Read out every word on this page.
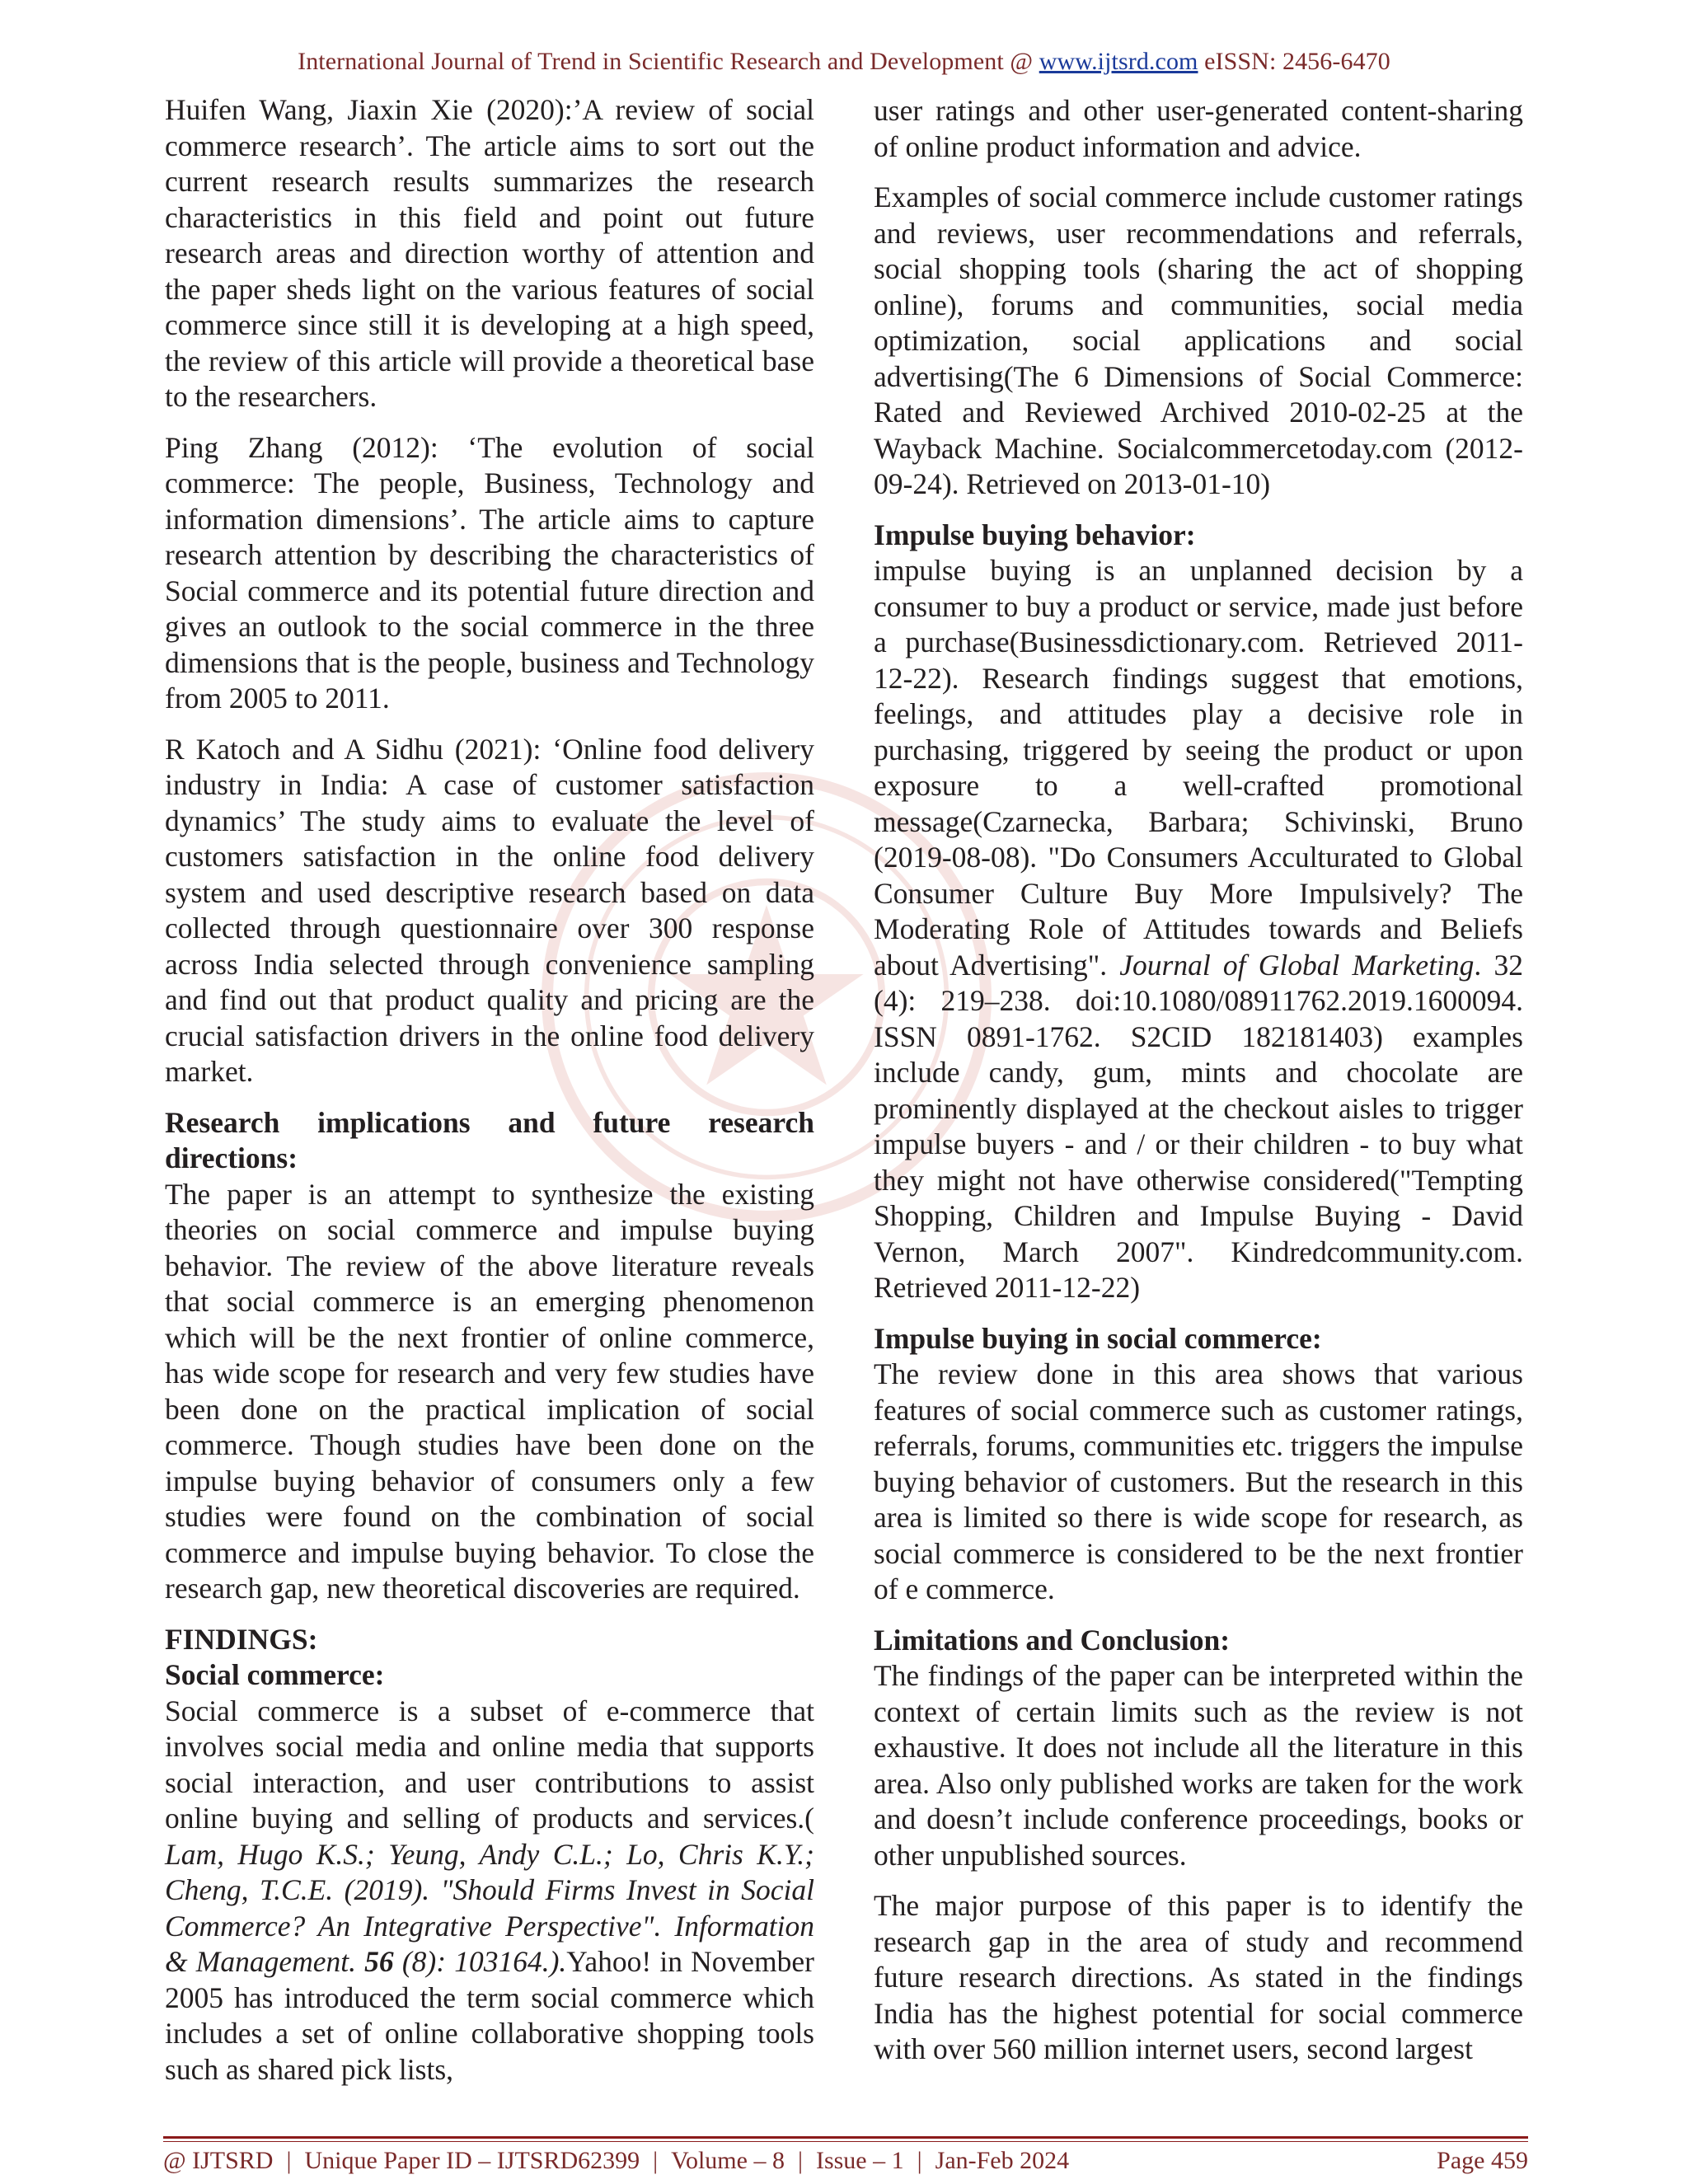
International Journal of Trend in Scientific Research and Development @ www.ijtsrd.com eISSN: 2456-6470

Huifen Wang, Jiaxin Xie (2020):’A review of social commerce research’. The article aims to sort out the current research results summarizes the research characteristics in this field and point out future research areas and direction worthy of attention and the paper sheds light on the various features of social commerce since still it is developing at a high speed, the review of this article will provide a theoretical base to the researchers.

Ping Zhang (2012): ‘The evolution of social commerce: The people, Business, Technology and information dimensions’. The article aims to capture research attention by describing the characteristics of Social commerce and its potential future direction and gives an outlook to the social commerce in the three dimensions that is the people, business and Technology from 2005 to 2011.

R Katoch and A Sidhu (2021): ‘Online food delivery industry in India: A case of customer satisfaction dynamics’ The study aims to evaluate the level of customers satisfaction in the online food delivery system and used descriptive research based on data collected through questionnaire over 300 response across India selected through convenience sampling and find out that product quality and pricing are the crucial satisfaction drivers in the online food delivery market.

Research implications and future research directions:

The paper is an attempt to synthesize the existing theories on social commerce and impulse buying behavior. The review of the above literature reveals that social commerce is an emerging phenomenon which will be the next frontier of online commerce, has wide scope for research and very few studies have been done on the practical implication of social commerce. Though studies have been done on the impulse buying behavior of consumers only a few studies were found on the combination of social commerce and impulse buying behavior. To close the research gap, new theoretical discoveries are required.

FINDINGS:
Social commerce:

Social commerce is a subset of e-commerce that involves social media and online media that supports social interaction, and user contributions to assist online buying and selling of products and services.( Lam, Hugo K.S.; Yeung, Andy C.L.; Lo, Chris K.Y.; Cheng, T.C.E. (2019). "Should Firms Invest in Social Commerce? An Integrative Perspective". Information & Management. 56 (8): 103164.).Yahoo! in November 2005 has introduced the term social commerce which includes a set of online collaborative shopping tools such as shared pick lists,

user ratings and other user-generated content-sharing of online product information and advice.

Examples of social commerce include customer ratings and reviews, user recommendations and referrals, social shopping tools (sharing the act of shopping online), forums and communities, social media optimization, social applications and social advertising(The 6 Dimensions of Social Commerce: Rated and Reviewed Archived 2010-02-25 at the Wayback Machine. Socialcommercetoday.com (2012-09-24). Retrieved on 2013-01-10)

Impulse buying behavior:

impulse buying is an unplanned decision by a consumer to buy a product or service, made just before a purchase(Businessdictionary.com. Retrieved 2011-12-22). Research findings suggest that emotions, feelings, and attitudes play a decisive role in purchasing, triggered by seeing the product or upon exposure to a well-crafted promotional message(Czarnecka, Barbara; Schivinski, Bruno (2019-08-08). "Do Consumers Acculturated to Global Consumer Culture Buy More Impulsively? The Moderating Role of Attitudes towards and Beliefs about Advertising". Journal of Global Marketing. 32 (4): 219–238. doi:10.1080/08911762.2019.1600094. ISSN 0891-1762. S2CID 182181403) examples include candy, gum, mints and chocolate are prominently displayed at the checkout aisles to trigger impulse buyers - and / or their children - to buy what they might not have otherwise considered("Tempting Shopping, Children and Impulse Buying - David Vernon, March 2007". Kindredcommunity.com. Retrieved 2011-12-22)

Impulse buying in social commerce:

The review done in this area shows that various features of social commerce such as customer ratings, referrals, forums, communities etc. triggers the impulse buying behavior of customers. But the research in this area is limited so there is wide scope for research, as social commerce is considered to be the next frontier of e commerce.

Limitations and Conclusion:

The findings of the paper can be interpreted within the context of certain limits such as the review is not exhaustive. It does not include all the literature in this area. Also only published works are taken for the work and doesn’t include conference proceedings, books or other unpublished sources.

The major purpose of this paper is to identify the research gap in the area of study and recommend future research directions. As stated in the findings India has the highest potential for social commerce with over 560 million internet users, second largest

@ IJTSRD | Unique Paper ID – IJTSRD62399 | Volume – 8 | Issue – 1 | Jan-Feb 2024	Page 459
